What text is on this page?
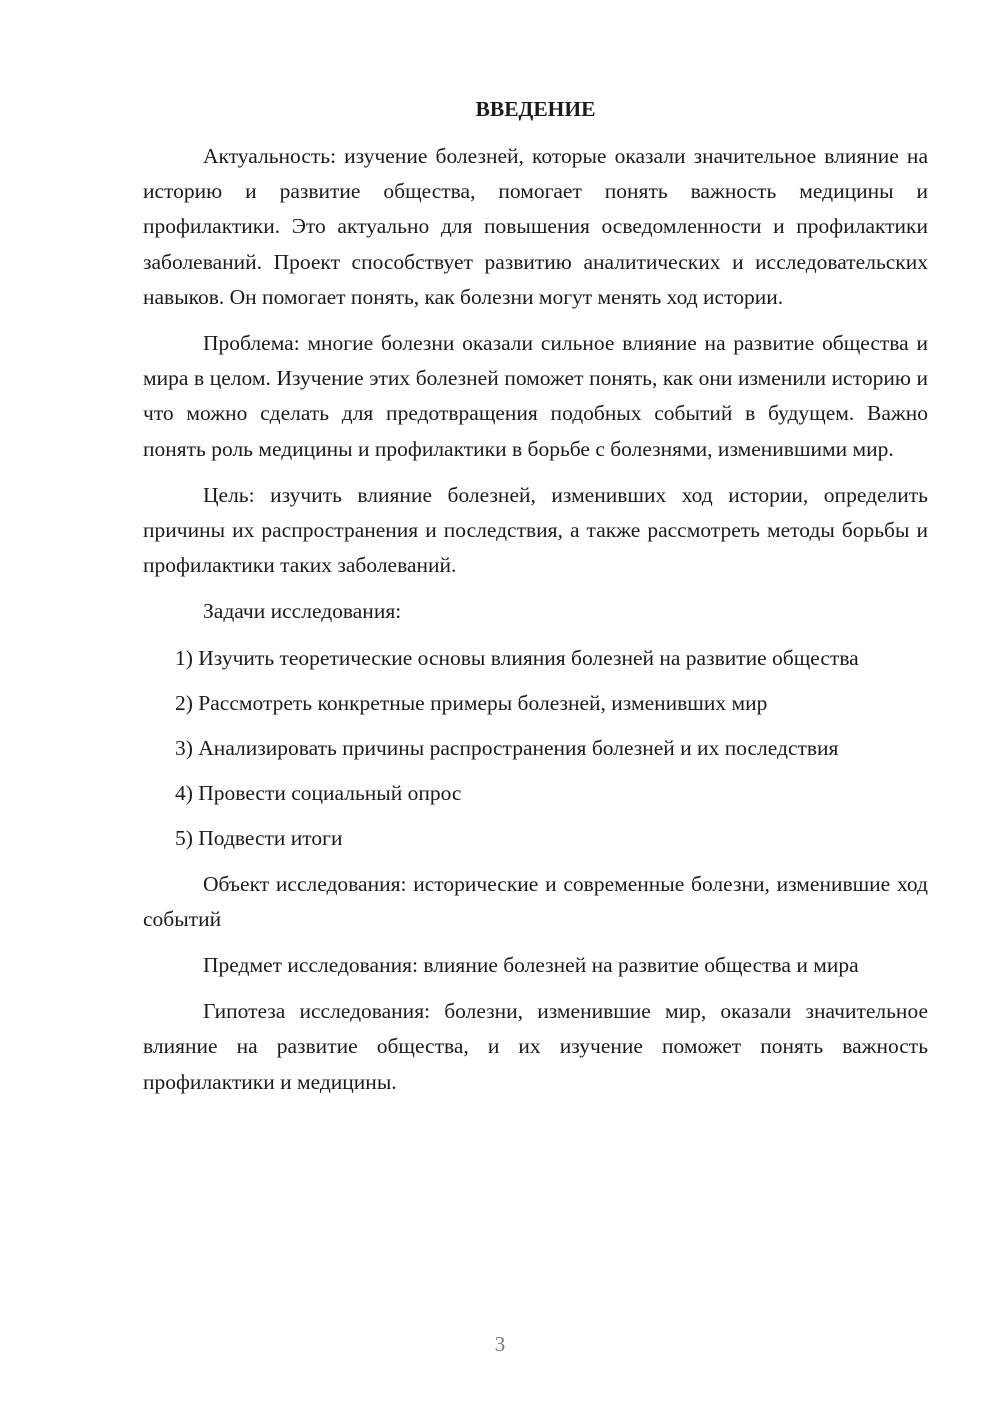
ВВЕДЕНИЕ

Актуальность: изучение болезней, которые оказали значительное влияние на историю и развитие общества, помогает понять важность медицины и профилактики. Это актуально для повышения осведомленности и профилактики заболеваний. Проект способствует развитию аналитических и исследовательских навыков. Он помогает понять, как болезни могут менять ход истории.

Проблема: многие болезни оказали сильное влияние на развитие общества и мира в целом. Изучение этих болезней поможет понять, как они изменили историю и что можно сделать для предотвращения подобных событий в будущем. Важно понять роль медицины и профилактики в борьбе с болезнями, изменившими мир.

Цель: изучить влияние болезней, изменивших ход истории, определить причины их распространения и последствия, а также рассмотреть методы борьбы и профилактики таких заболеваний.

Задачи исследования:

1) Изучить теоретические основы влияния болезней на развитие общества

2) Рассмотреть конкретные примеры болезней, изменивших мир

3) Анализировать причины распространения болезней и их последствия

4) Провести социальный опрос

5) Подвести итоги

Объект исследования: исторические и современные болезни, изменившие ход событий

Предмет исследования: влияние болезней на развитие общества и мира

Гипотеза исследования: болезни, изменившие мир, оказали значительное влияние на развитие общества, и их изучение поможет понять важность профилактики и медицины.

3
